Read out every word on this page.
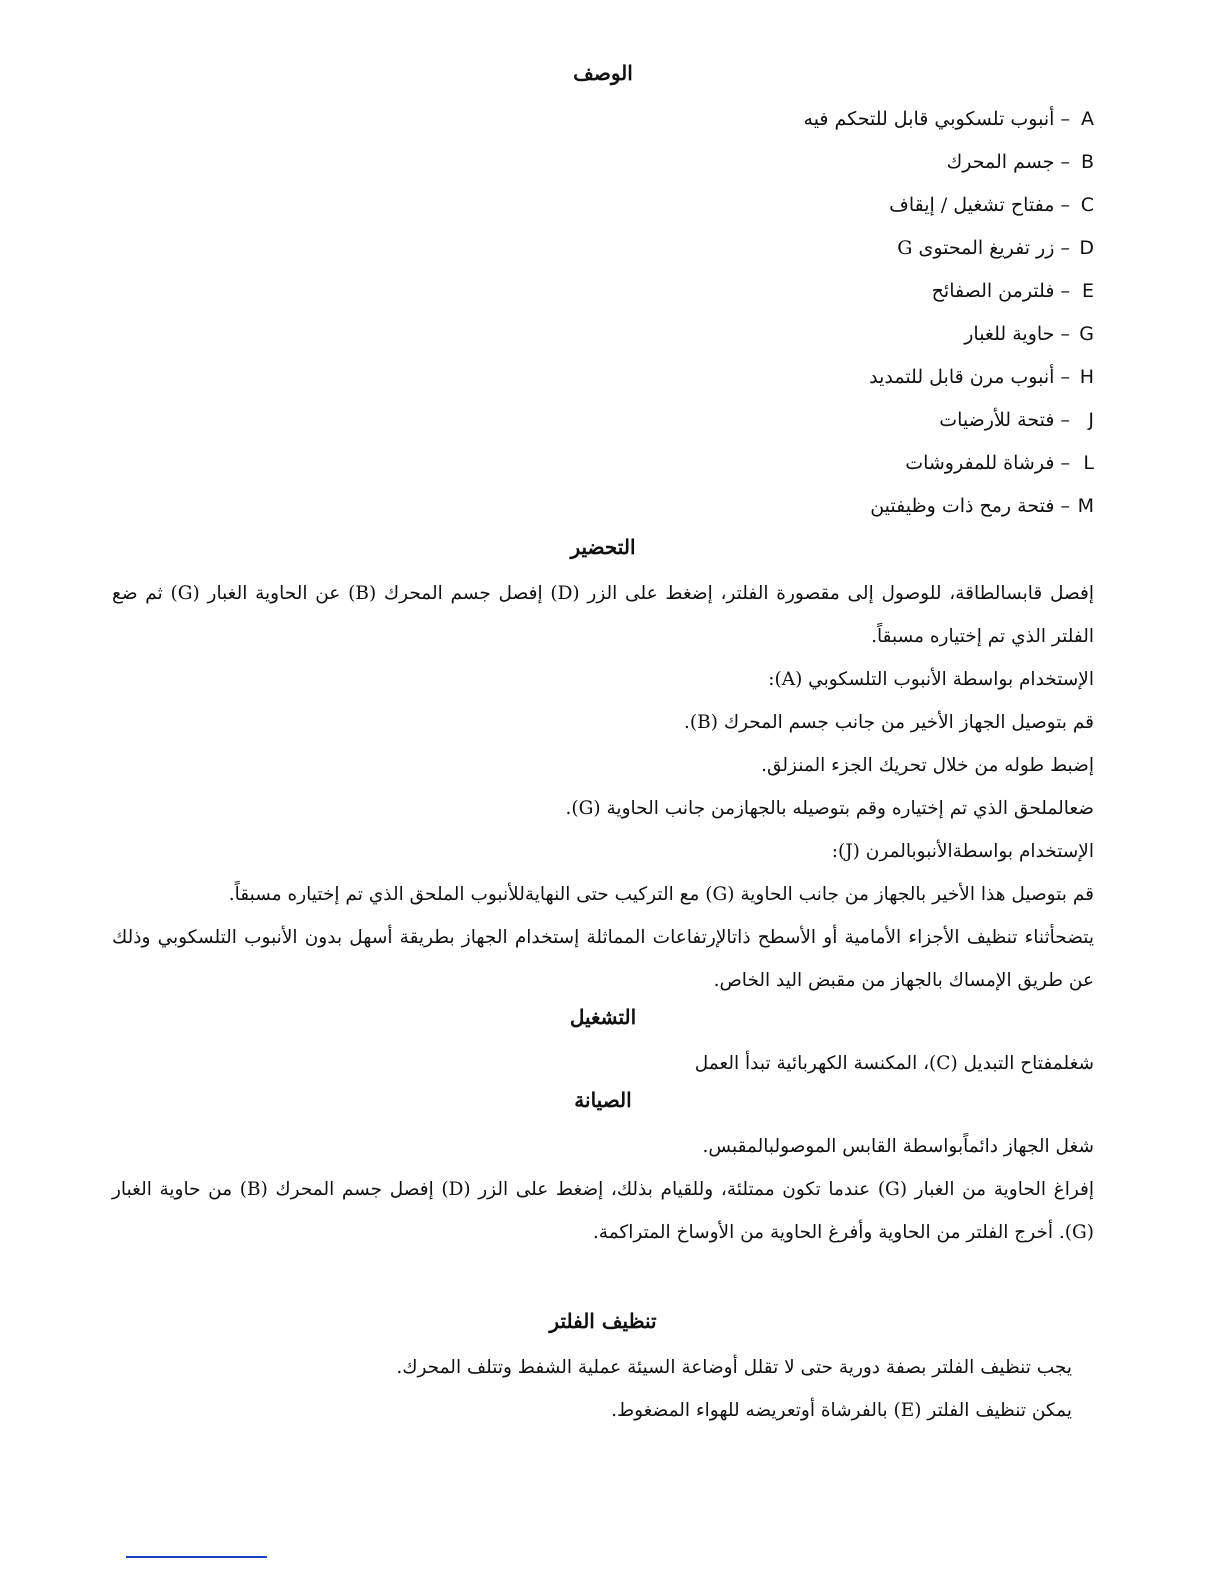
الوصف
A – أنبوب تلسكوبي قابل للتحكم فيه
B – جسم المحرك
C – مفتاح تشغيل / إيقاف
D – زر تفريغ المحتوى G
E – فلترمن الصفائح
G – حاوية للغبار
H – أنبوب مرن قابل للتمديد
J – فتحة للأرضيات
L – فرشاة للمفروشات
M – فتحة رمح ذات وظيفتين
التحضير

إفصل قابسالطاقة، للوصول إلى مقصورة الفلتر، إضغط على الزر (D) إفصل جسم المحرك (B) عن الحاوية الغبار (G) ثم ضع الفلتر الذي تم إختياره مسبقاً.

الإستخدام بواسطة الأنبوب التلسكوبي (A):

قم بتوصيل الجهاز الأخير من جانب جسم المحرك (B).

إضبط طوله من خلال تحريك الجزء المنزلق.

ضعالملحق الذي تم إختياره وقم بتوصيله بالجهازمن جانب الحاوية (G).

الإستخدام بواسطةالأنبوبالمرن (J):

قم بتوصيل هذا الأخير بالجهاز من جانب الحاوية (G) مع التركيب حتى النهايةللأنبوب الملحق الذي تم إختياره مسبقاً.

يتضحأثناء تنظيف الأجزاء الأمامية أو الأسطح ذاتالإرتفاعات المماثلة إستخدام الجهاز بطريقة أسهل بدون الأنبوب التلسكوبي وذلك عن طريق الإمساك بالجهاز من مقبض اليد الخاص.

التشغيل

شغلمفتاح التبديل (C)، المكنسة الكهربائية تبدأ العمل

الصيانة

شغل الجهاز دائماًبواسطة القابس الموصولبالمقبس.

إفراغ الحاوية من الغبار (G) عندما تكون ممتلئة، وللقيام بذلك، إضغط على الزر (D) إفصل جسم المحرك (B) من حاوية الغبار (G). أخرج الفلتر من الحاوية وأفرغ الحاوية من الأوساخ المتراكمة.

تنظيف الفلتر

يجب تنظيف الفلتر بصفة دورية حتى لا تقلل أوضاعة السيئة عملية الشفط وتتلف المحرك.

يمكن تنظيف الفلتر (E) بالفرشاة أوتعريضه للهواء المضغوط.
